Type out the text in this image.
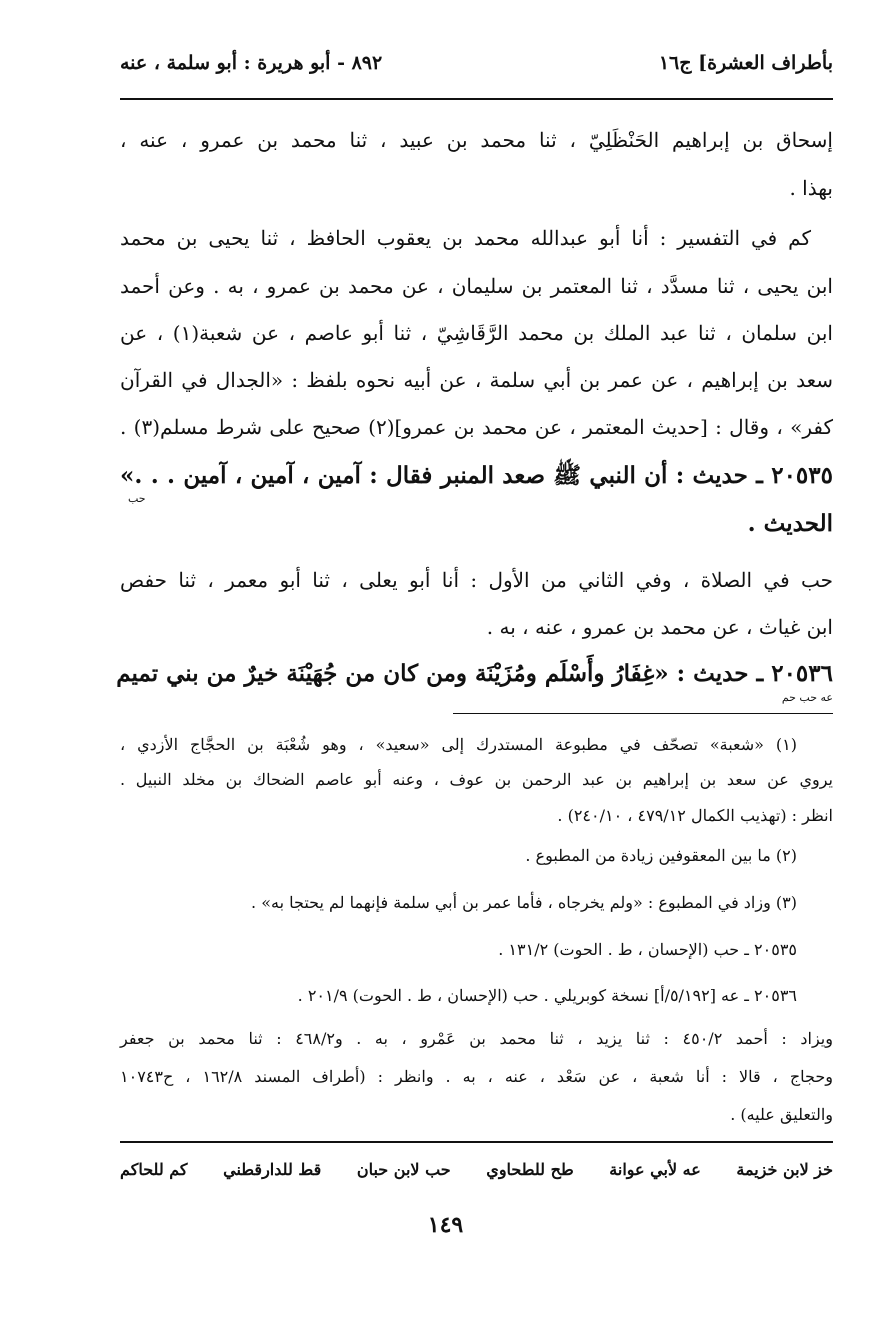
بأطراف العشرة] ج١٦
٨٩٢ - أبو هريرة : أبو سلمة ، عنه
إسحاق بن إبراهيم الحَنْظَلِيّ ، ثنا محمد بن عبيد ، ثنا محمد بن عمرو ، عنه ،
بهذا .
كم في التفسير : أنا أبو عبدالله محمد بن يعقوب الحافظ ، ثنا يحيى بن محمد
ابن يحيى ، ثنا مسدَّد ، ثنا المعتمر بن سليمان ، عن محمد بن عمرو ، به . وعن أحمد
ابن سلمان ، ثنا عبد الملك بن محمد الرَّقَاشِيّ ، ثنا أبو عاصم ، عن شعبة(١) ، عن
سعد بن إبراهيم ، عن عمر بن أبي سلمة ، عن أبيه نحوه بلفظ : «الجدال في القرآن
كفر» ، وقال : [حديث المعتمر ، عن محمد بن عمرو](٢) صحيح على شرط مسلم(٣) .
٢٠٥٣٥ ـ حديث : أن النبي ﷺ صعد المنبر فقال : آمين ، آمين ، آمين . . .»
حب
الحديث .
حب في الصلاة ، وفي الثاني من الأول : أنا أبو يعلى ، ثنا أبو معمر ، ثنا حفص
ابن غياث ، عن محمد بن عمرو ، عنه ، به .
٢٠٥٣٦ ـ حديث : «غِفَارُ وأَسْلَم ومُزَيْنَة ومن كان من جُهَيْنَة خيرٌ من بني تميم
عه حب حم
(١) «شعبة» تصحّف في مطبوعة المستدرك إلى «سعيد» ، وهو شُعْبَة بن الحجَّاج الأزدي ،
يروي عن سعد بن إبراهيم بن عبد الرحمن بن عوف ، وعنه أبو عاصم الضحاك بن مخلد النبيل .
انظر : (تهذيب الكمال ٤٧٩/١٢ ، ٢٤٠/١٠) .
(٢) ما بين المعقوفين زيادة من المطبوع .
(٣) وزاد في المطبوع : «ولم يخرجاه ، فأما عمر بن أبي سلمة فإنهما لم يحتجا به» .
٢٠٥٣٥ ـ حب (الإحسان ، ط . الحوت) ١٣١/٢ .
٢٠٥٣٦ ـ عه [٥/١٩٢/أ] نسخة كوبريلي . حب (الإحسان ، ط . الحوت) ٢٠١/٩ .
ويزاد : أحمد ٤٥٠/٢ : ثنا يزيد ، ثنا محمد بن عَمْرو ، به . و٤٦٨/٢ : ثنا محمد بن جعفر
وحجاج ، قالا : أنا شعبة ، عن سَعْد ، عنه ، به . وانظر : (أطراف المسند ١٦٢/٨ ، ح١٠٧٤٣
والتعليق عليه) .
خز لابن خزيمة
عه لأبي عوانة
طح للطحاوي
حب لابن حبان
قط للدارقطني
كم للحاكم
١٤٩
